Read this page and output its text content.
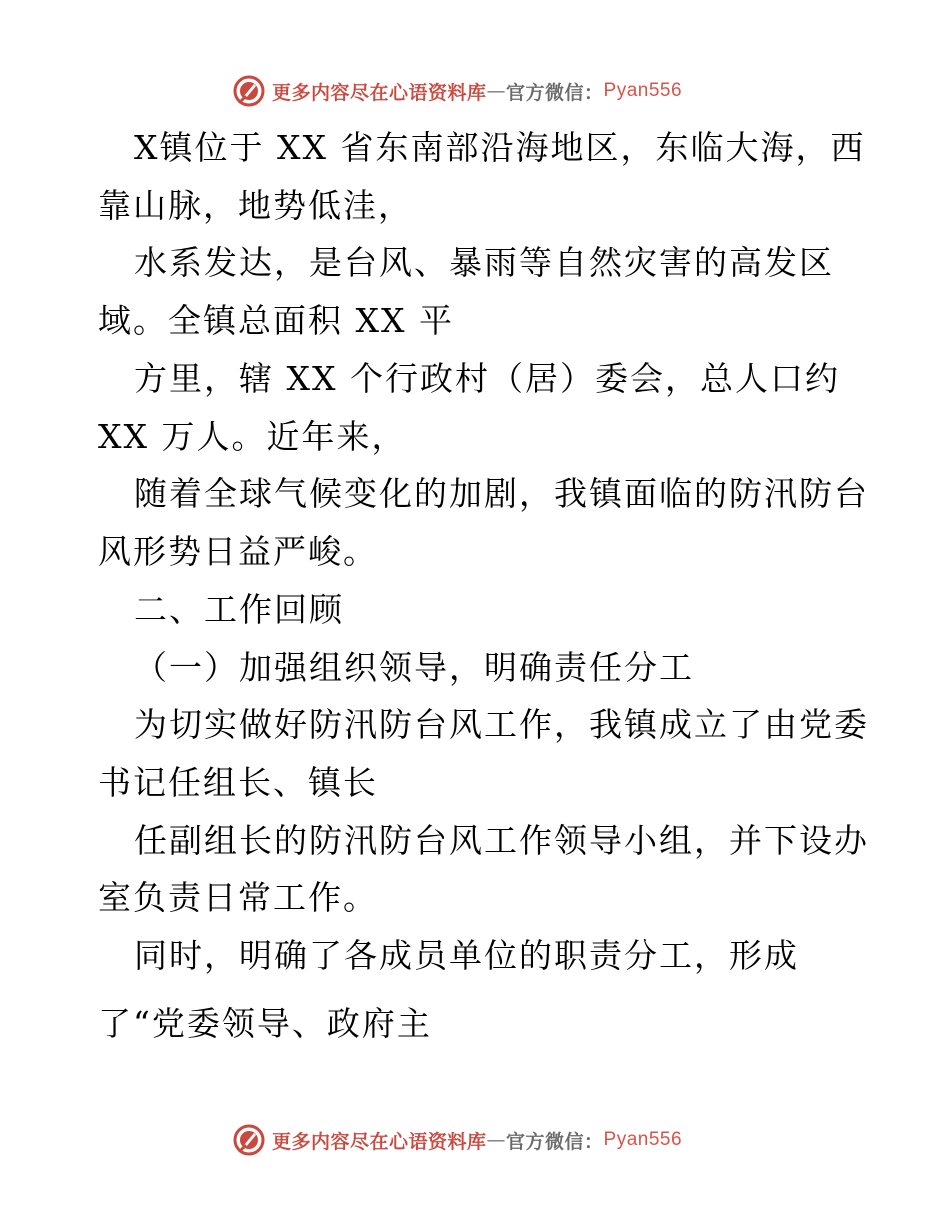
更多内容尽在心语资料库 — 官方微信： Pyan556
X镇位于 XX 省东南部沿海地区，东临大海，西
靠山脉，地势低洼，
水系发达，是台风、暴雨等自然灾害的高发区
域。全镇总面积 XX 平
方里，辖 XX 个行政村（居）委会，总人口约
XX 万人。近年来，
随着全球气候变化的加剧，我镇面临的防汛防台
风形势日益严峻。
二、工作回顾
（一）加强组织领导，明确责任分工
为切实做好防汛防台风工作，我镇成立了由党委
书记任组长、镇长
任副组长的防汛防台风工作领导小组，并下设办
室负责日常工作。
同时，明确了各成员单位的职责分工，形成
了“党委领导、政府主
更多内容尽在心语资料库 — 官方微信： Pyan556
